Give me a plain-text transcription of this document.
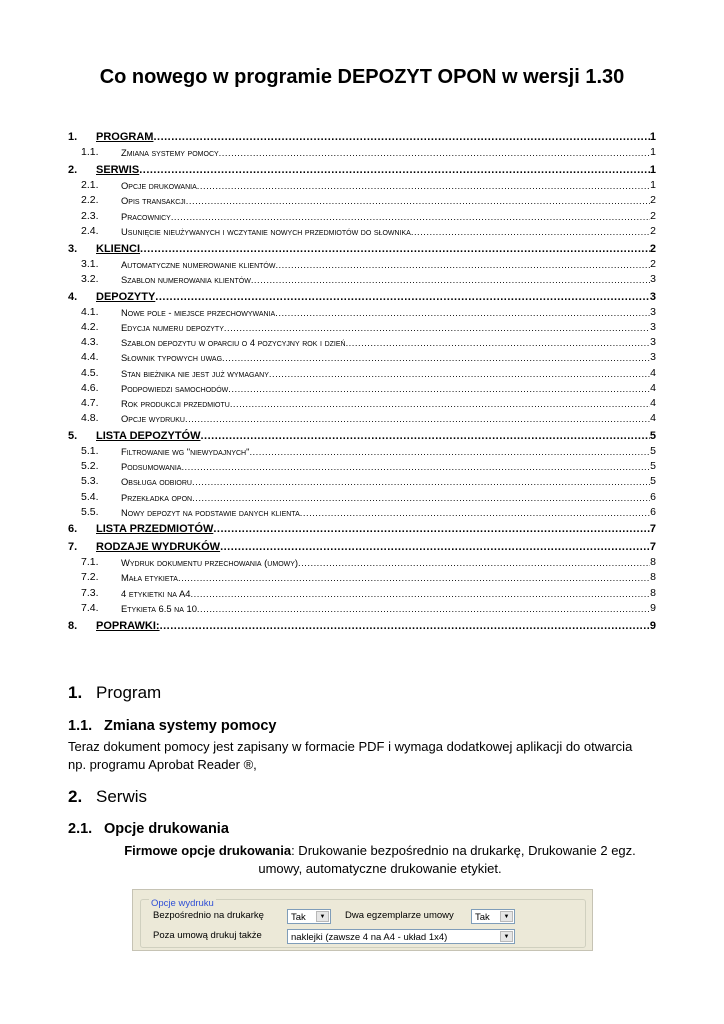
Co nowego w programie DEPOZYT OPON w wersji 1.30
1.	PROGRAM .....	1
1.1.	Zmiana systemy pomocy .....	1
2.	SERWIS .....	1
2.1.	Opcje drukowania .....	1
2.2.	Opis transakcji .....	2
2.3.	Pracownicy .....	2
2.4.	Usunięcie nieużywanych i wczytanie nowych przedmiotów do słownika .....	2
3.	KLIENCI .....	2
3.1.	Automatyczne numerowanie klientów .....	2
3.2.	Szablon numerowania klientów .....	3
4.	DEPOZYTY .....	3
4.1.	Nowe pole - miejsce przechowywania .....	3
4.2.	Edycja numeru depozyty .....	3
4.3.	Szablon depozytu w oparciu o 4 pozycyjny rok i dzień .....	3
4.4.	Słownik typowych uwag .....	3
4.5.	Stan bieżnika nie jest już wymagany .....	4
4.6.	Podpowiedzi samochodów .....	4
4.7.	Rok produkcji przedmiotu .....	4
4.8.	Opcje wydruku .....	4
5.	LISTA DEPOZYTÓW .....	5
5.1.	Filtrowanie wg "niewydajnych" .....	5
5.2.	Podsumowania .....	5
5.3.	Obsługa odbioru .....	5
5.4.	Przekładka opon .....	6
5.5.	Nowy depozyt na podstawie danych klienta .....	6
6.	LISTA PRZEDMIOTÓW .....	7
7.	RODZAJE WYDRUKÓW .....	7
7.1.	Wydruk dokumentu przechowania (umowy) .....	8
7.2.	Mała etykieta .....	8
7.3.	4 etykietki na A4 .....	8
7.4.	Etykieta 6.5 na 10 .....	9
8.	POPRAWKI: .....	9
1. Program
1.1. Zmiana systemy pomocy

Teraz dokument pomocy jest zapisany w formacie PDF i wymaga dodatkowej aplikacji do otwarcia
np. programu Aprobat Reader ®,

2. Serwis
2.1. Opcje drukowania

Firmowe opcje drukowania: Drukowanie bezpośrednio na drukarkę, Drukowanie 2 egz.
umowy, automatyczne drukowanie etykiet.

Opcje wydruku
Bezpośrednio na drukarkę	Tak	▼	Dwa egzemplarze umowy	Tak	▼
Poza umową drukuj także	naklejki (zawsze 4 na A4 - układ 1x4)	▼
